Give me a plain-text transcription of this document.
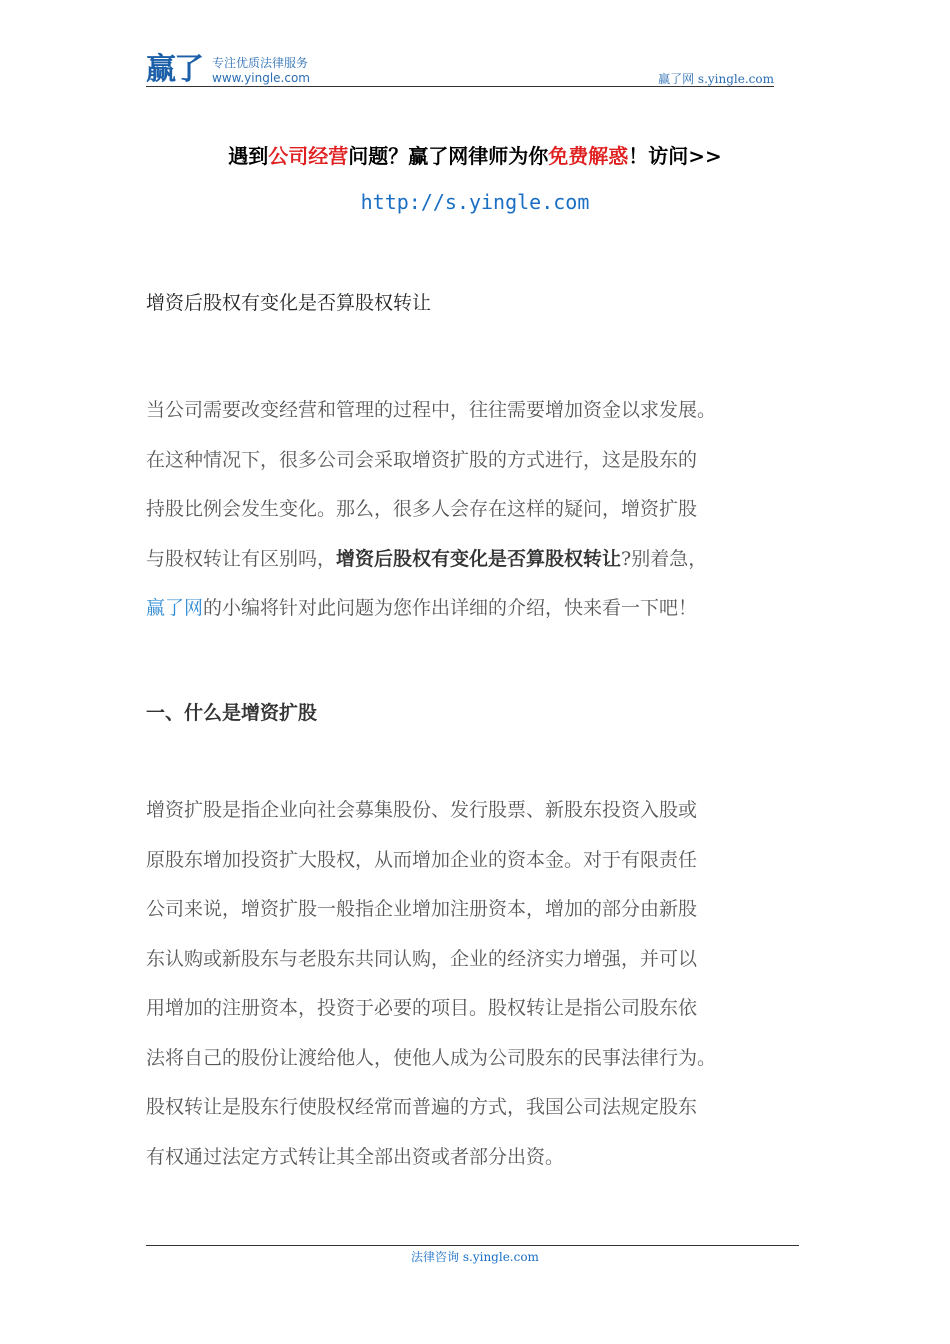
赢了 专注优质法律服务
www.yingle.com	赢了网 s.yingle.com
遇到公司经营问题？赢了网律师为你免费解惑！访问>>
http://s.yingle.com
增资后股权有变化是否算股权转让
当公司需要改变经营和管理的过程中，往往需要增加资金以求发展。
在这种情况下，很多公司会采取增资扩股的方式进行，这是股东的
持股比例会发生变化。那么，很多人会存在这样的疑问，增资扩股
与股权转让有区别吗，增资后股权有变化是否算股权转让?别着急，
赢了网的小编将针对此问题为您作出详细的介绍，快来看一下吧！
一、什么是增资扩股
增资扩股是指企业向社会募集股份、发行股票、新股东投资入股或
原股东增加投资扩大股权，从而增加企业的资本金。对于有限责任
公司来说，增资扩股一般指企业增加注册资本，增加的部分由新股
东认购或新股东与老股东共同认购，企业的经济实力增强，并可以
用增加的注册资本，投资于必要的项目。股权转让是指公司股东依
法将自己的股份让渡给他人，使他人成为公司股东的民事法律行为。
股权转让是股东行使股权经常而普遍的方式，我国公司法规定股东
有权通过法定方式转让其全部出资或者部分出资。
法律咨询 s.yingle.com
